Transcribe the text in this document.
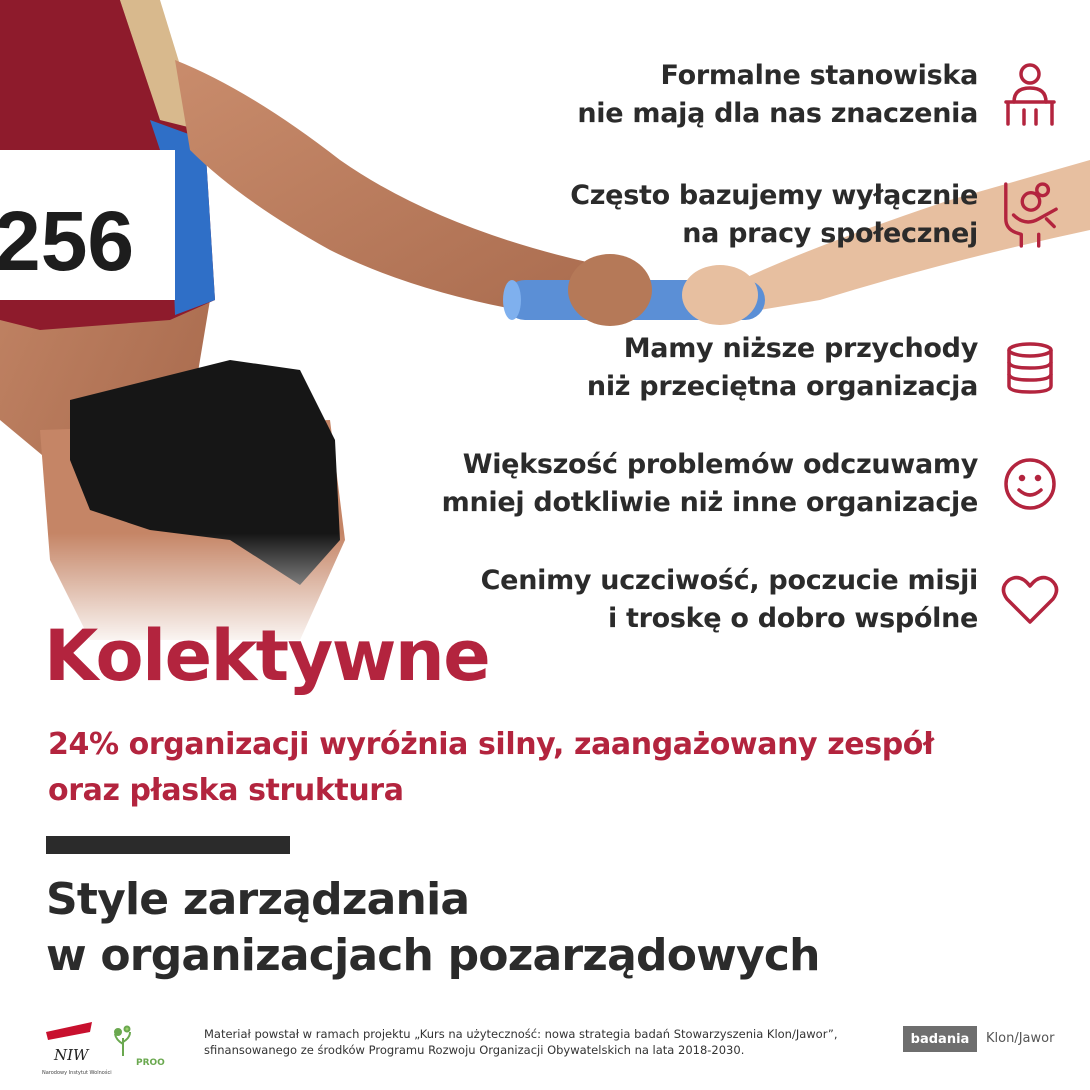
Formalne stanowiska
nie mają dla nas znaczenia
Często bazujemy wyłącznie
na pracy społecznej
Mamy niższe przychody
niż przeciętna organizacja
Większość problemów odczuwamy
mniej dotkliwie niż inne organizacje
Cenimy uczciwość, poczucie misji
i troskę o dobro wspólne
Kolektywne

24% organizacji wyróżnia silny, zaangażowany zespół
oraz płaska struktura

Style zarządzania
w organizacjach pozarządowych
NIW
Narodowy Instytut Wolności
PROO
Materiał powstał w ramach projektu „Kurs na użyteczność: nowa strategia badań Stowarzyszenia Klon/Jawor”,
sfinansowanego ze środków Programu Rozwoju Organizacji Obywatelskich na lata 2018-2030.
badania	Klon/Jawor
